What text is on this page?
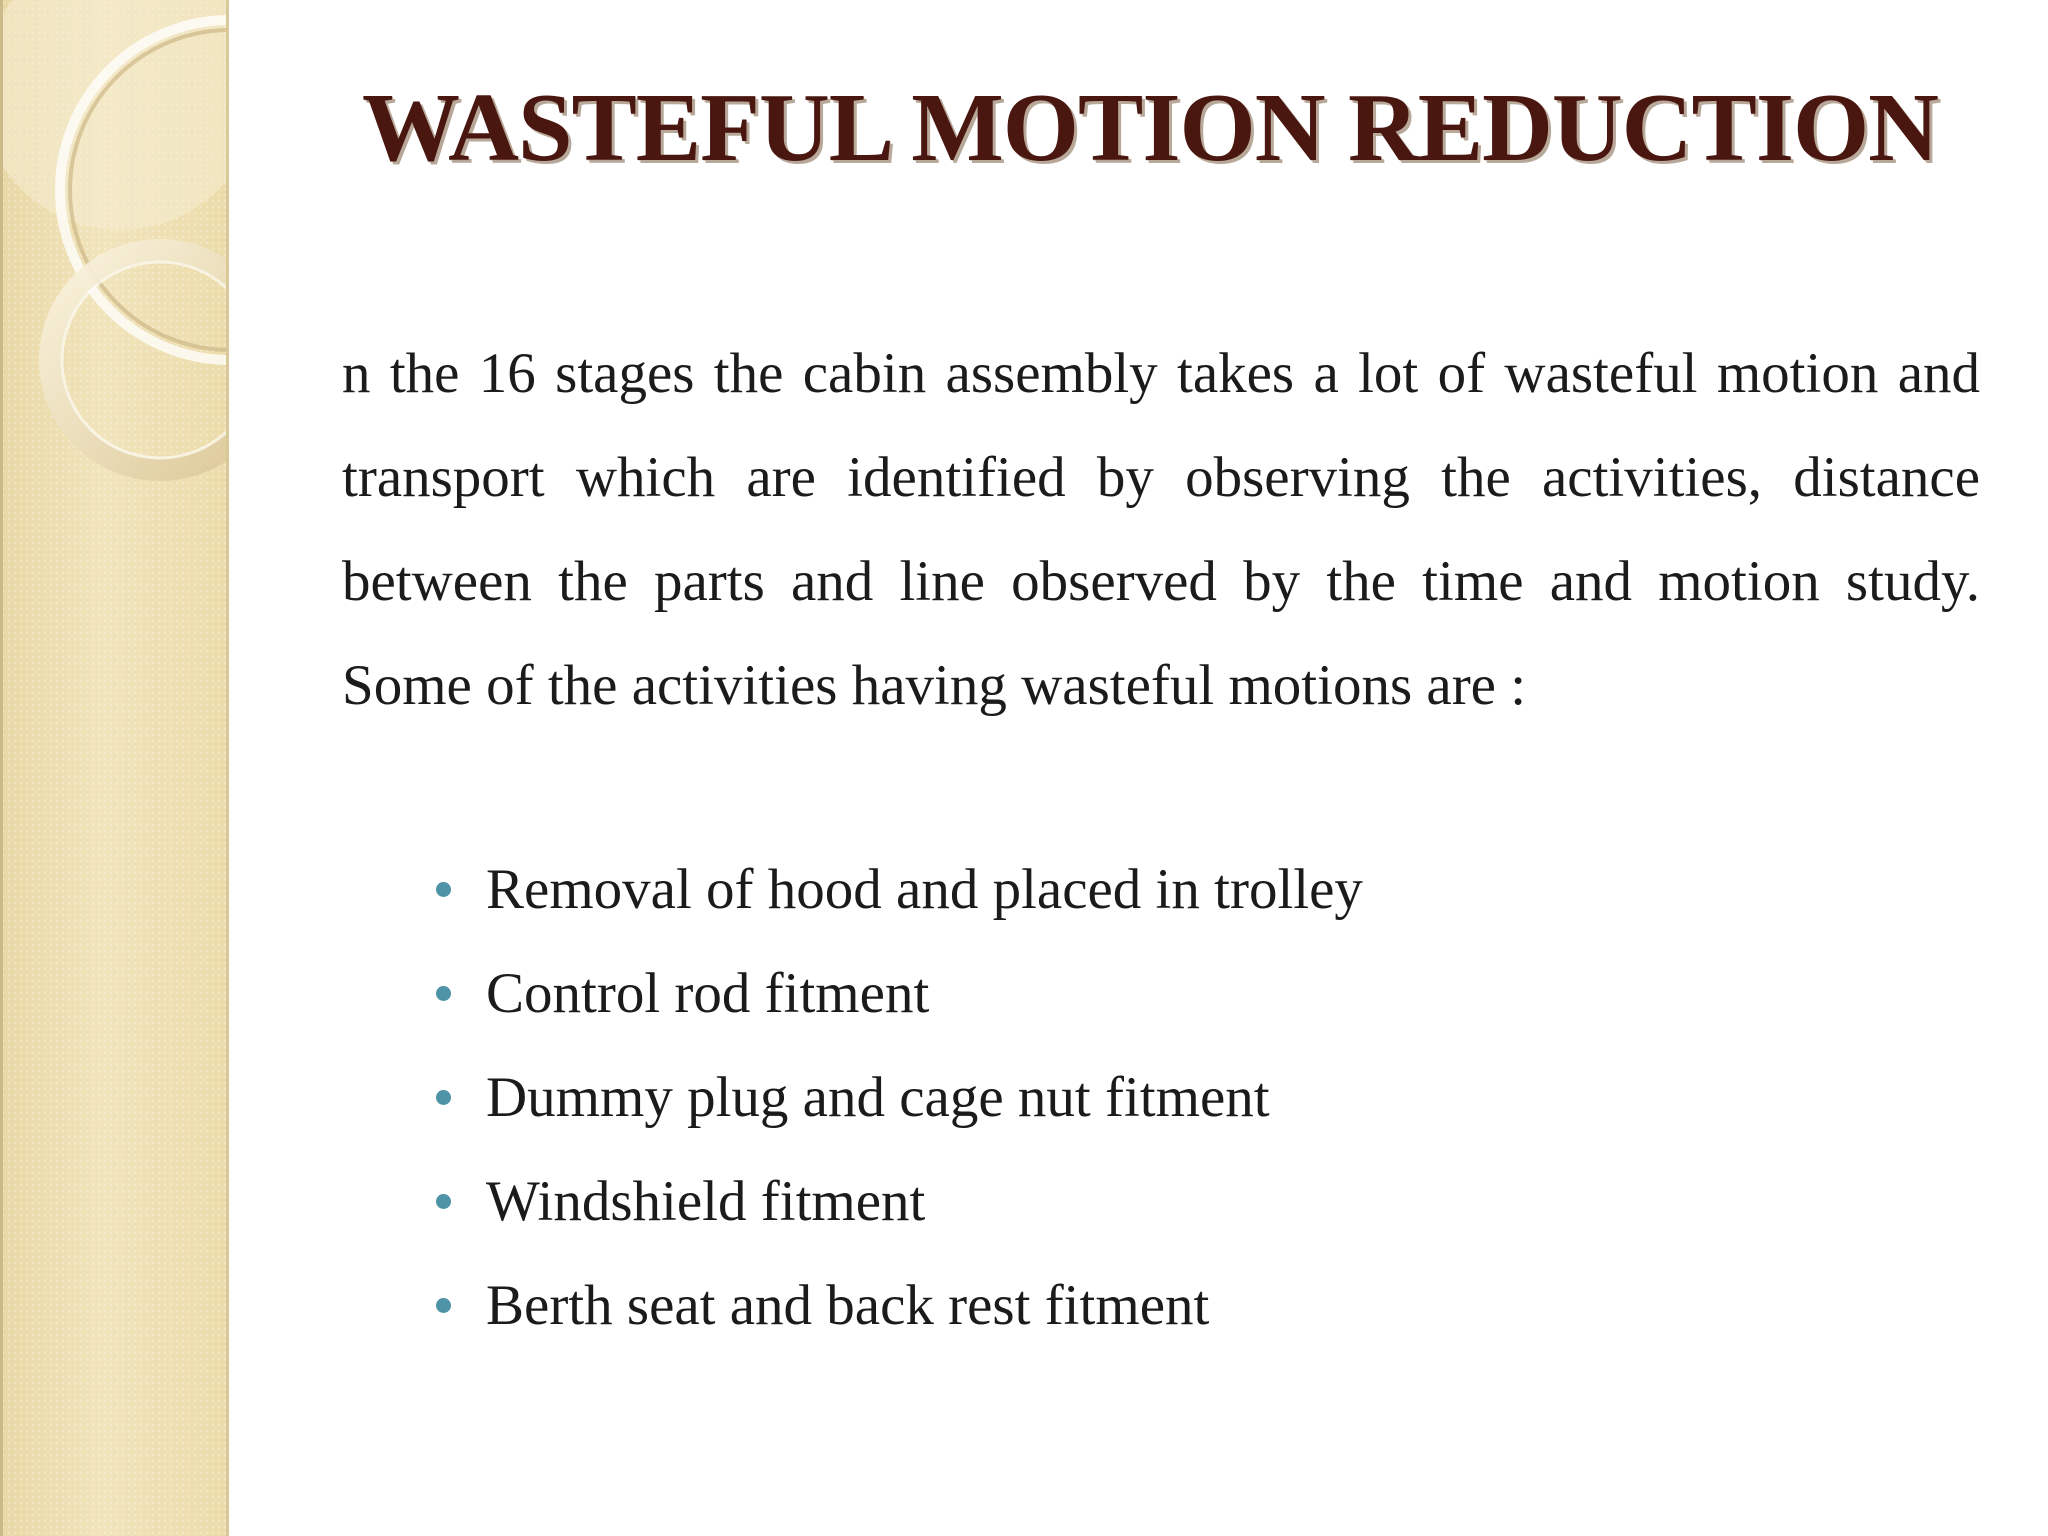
WASTEFUL MOTION REDUCTION
n the 16 stages the cabin assembly takes a lot of wasteful motion and transport which are identified by observing the activities, distance between the parts and line observed by the time and motion study. Some of the activities having wasteful motions are :
Removal of hood and placed in trolley
Control rod fitment
Dummy plug and cage nut fitment
Windshield fitment
Berth seat and back rest fitment
